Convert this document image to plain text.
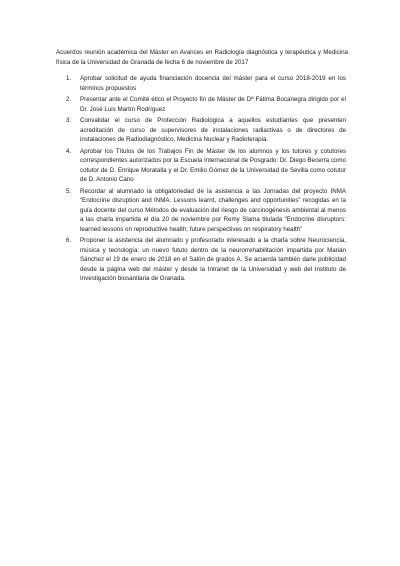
Acuerdos reunión académica del Máster en Avances en Radiología diagnóstica y terapéutica y Medicina física de la Universidad de Granada de fecha 6 de noviembre de 2017

1. Aprobar solicitud de ayuda financiación docencia del máster para el curso 2018-2019 en los términos propuestos
2. Presentar ante el Comité ético el Proyecto fin de Máster de Dª Fátima Bocanegra dirigido por el Dr. José Luis Martín Rodríguez
3. Convalidar el curso de Protección Radiológica a aquellos estudiantes que presenten acreditación de curso de supervisores de instalaciones radiactivas o de directores de instalaciones de Radiodiagnóstico, Medicina Nuclear y Radioterapia.
4. Aprobar los Títulos de los Trabajos Fin de Máster de los alumnos y los tutores y cotutores correspondientes autorizados por la Escuela Internacional de Posgrado: Dr. Diego Becerra como cotutor de D. Enrique Moratalla y el Dr. Emilio Gómez de la Universidad de Sevilla como cotutor de D. Antonio Cano
5. Recordar al alumnado la obligatoriedad de la asistencia a las Jornadas del proyecto INMA “Endocrine disruption and INMA: Lessons learnt, challenges and opportunities” recogidas en la guía docente del curso Métodos de evaluación del riesgo de carcinogénesis ambiental al menos a las charla impartida el día 20 de noviembre por Remy Slama titulada “Endocrine disruptors: learned lessons on reproductive health; future perspectives on respiratory health”
6. Proponer la asistencia del alumnado y profesorado interesado a la charla sobre Neurociencia, música y tecnología: un nuevo fututo dentro de la neurorrehabilitación impartida por Marián Sánchez el 19 de enero de 2018 en el Salón de grados A. Se acuerda también darle publicidad desde la página web del máster y desde la Intranet de la Universidad y web del Instituto de Investigación biosanitaria de Granada.
